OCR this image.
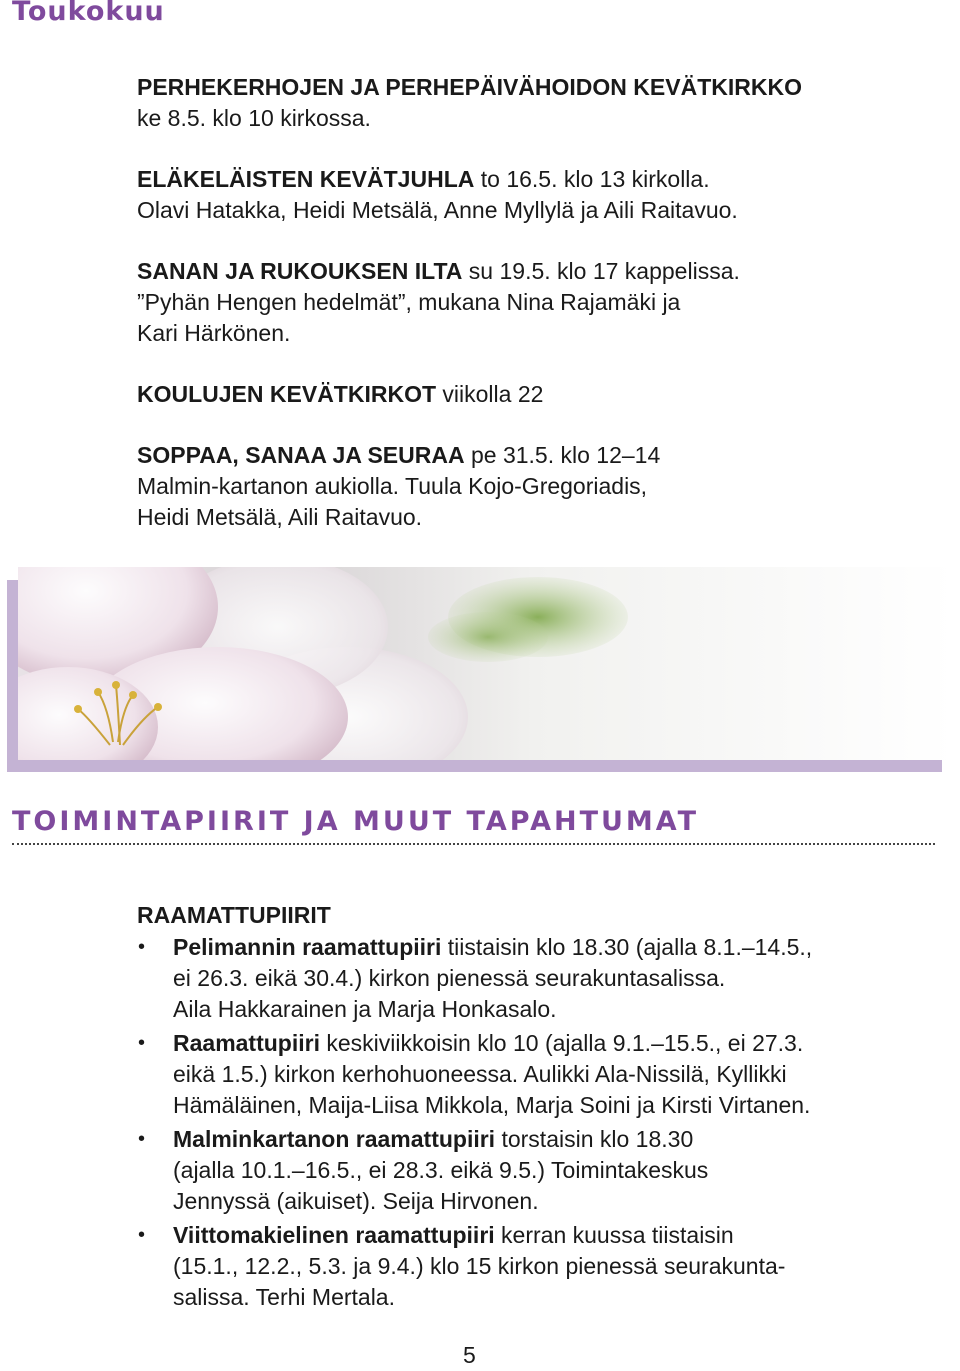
Toukokuu

PERHEKERHOJEN JA PERHEPÄIVÄHOIDON KEVÄTKIRKKO
ke 8.5. klo 10 kirkossa.

ELÄKELÄISTEN KEVÄTJUHLA to 16.5. klo 13 kirkolla.
Olavi Hatakka, Heidi Metsälä, Anne Myllylä ja Aili Raitavuo.

SANAN JA RUKOUKSEN ILTA su 19.5. klo 17 kappelissa.
”Pyhän Hengen hedelmät”, mukana Nina Rajamäki ja
Kari Härkönen.

KOULUJEN KEVÄTKIRKOT viikolla 22

SOPPAA, SANAA JA SEURAA pe 31.5. klo 12–14
Malmin-kartanon aukiolla. Tuula Kojo-Gregoriadis,
Heidi Metsälä, Aili Raitavuo.

TOIMINTAPIIRIT JA MUUT TAPAHTUMAT
RAAMATTUPIIRIT
• Pelimannin raamattupiiri tiistaisin klo 18.30 (ajalla 8.1.–14.5.,
ei 26.3. eikä 30.4.) kirkon pienessä seurakuntasalissa.
Aila Hakkarainen ja Marja Honkasalo.
• Raamattupiiri keskiviikkoisin klo 10 (ajalla 9.1.–15.5., ei 27.3.
eikä 1.5.) kirkon kerhohuoneessa. Aulikki Ala-Nissilä, Kyllikki
Hämäläinen, Maija-Liisa Mikkola, Marja Soini ja Kirsti Virtanen.
• Malminkartanon raamattupiiri torstaisin klo 18.30
(ajalla 10.1.–16.5., ei 28.3. eikä 9.5.) Toimintakeskus
Jennyssä (aikuiset). Seija Hirvonen.
• Viittomakielinen raamattupiiri kerran kuussa tiistaisin
(15.1., 12.2., 5.3. ja 9.4.) klo 15 kirkon pienessä seurakunta-
salissa. Terhi Mertala.
5
